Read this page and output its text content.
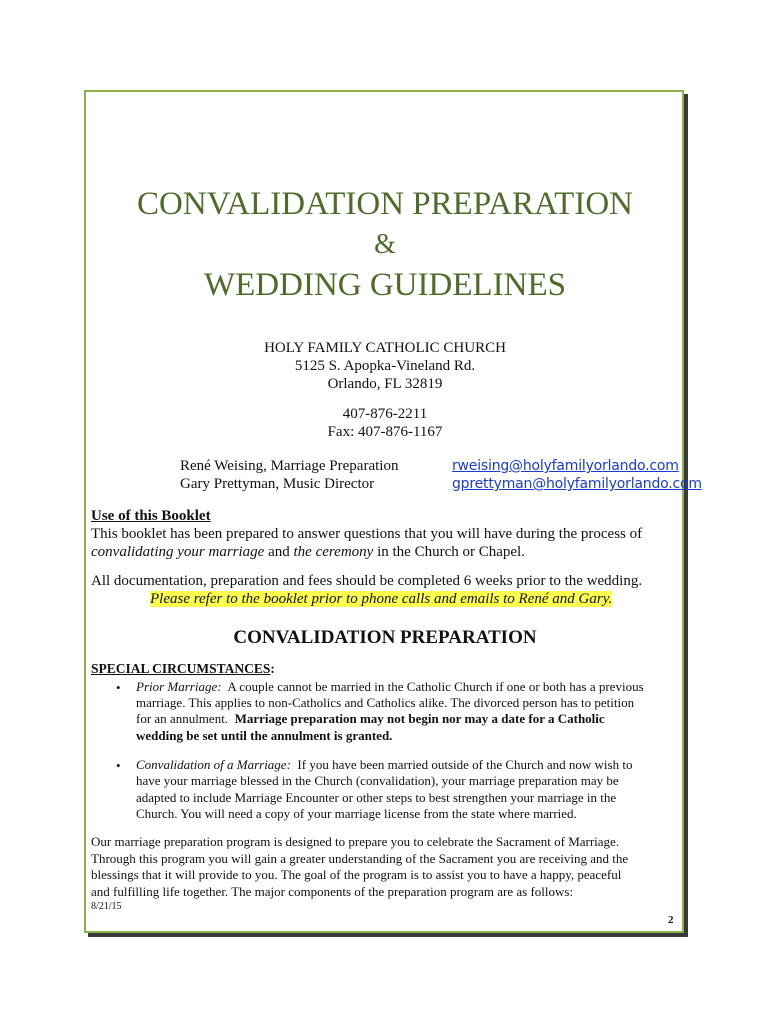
CONVALIDATION PREPARATION
&
WEDDING GUIDELINES
HOLY FAMILY CATHOLIC CHURCH
5125 S. Apopka-Vineland Rd.
Orlando, FL 32819
407-876-2211
Fax: 407-876-1167
René Weising, Marriage Preparation	rweising@holyfamilyorlando.com
Gary Prettyman, Music Director	gprettyman@holyfamilyorlando.com
Use of this Booklet
This booklet has been prepared to answer questions that you will have during the process of
convalidating your marriage and the ceremony in the Church or Chapel.
All documentation, preparation and fees should be completed 6 weeks prior to the wedding.
Please refer to the booklet prior to phone calls and emails to René and Gary.
CONVALIDATION PREPARATION
SPECIAL CIRCUMSTANCES:
• Prior Marriage:  A couple cannot be married in the Catholic Church if one or both has a previous
marriage. This applies to non-Catholics and Catholics alike. The divorced person has to petition
for an annulment.  Marriage preparation may not begin nor may a date for a Catholic
wedding be set until the annulment is granted.
• Convalidation of a Marriage:  If you have been married outside of the Church and now wish to
have your marriage blessed in the Church (convalidation), your marriage preparation may be
adapted to include Marriage Encounter or other steps to best strengthen your marriage in the
Church. You will need a copy of your marriage license from the state where married.
Our marriage preparation program is designed to prepare you to celebrate the Sacrament of Marriage.
Through this program you will gain a greater understanding of the Sacrament you are receiving and the
blessings that it will provide to you. The goal of the program is to assist you to have a happy, peaceful
and fulfilling life together. The major components of the preparation program are as follows:
8/21/15
2
